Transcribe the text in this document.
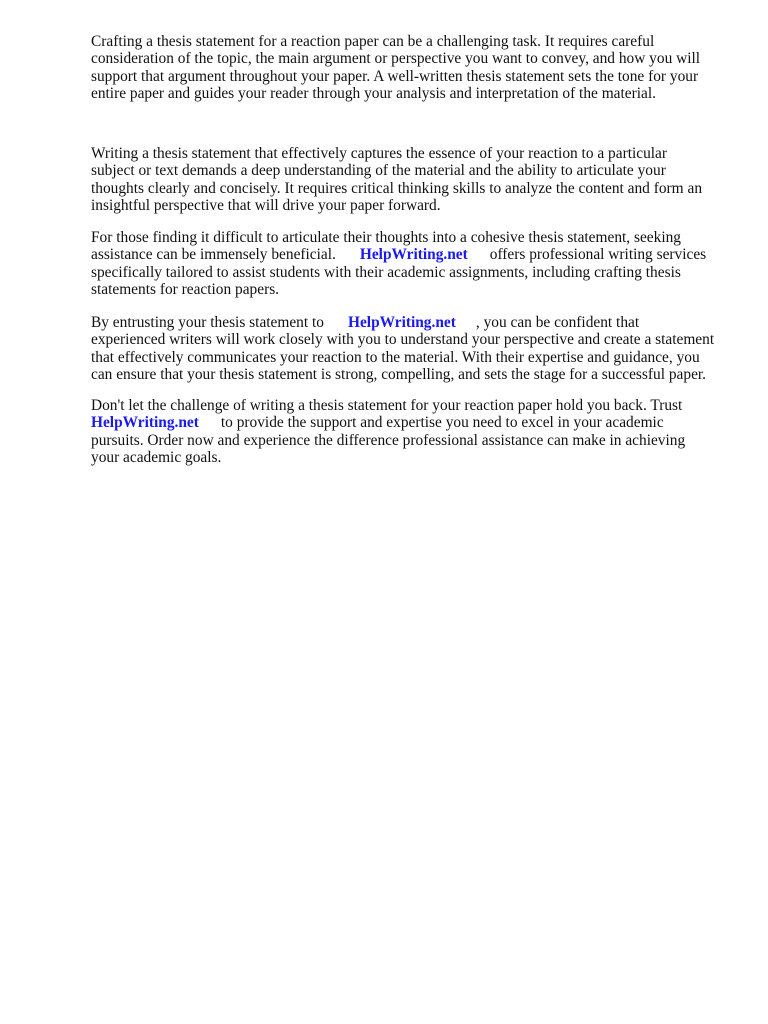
Crafting a thesis statement for a reaction paper can be a challenging task. It requires careful
consideration of the topic, the main argument or perspective you want to convey, and how you will
support that argument throughout your paper. A well-written thesis statement sets the tone for your
entire paper and guides your reader through your analysis and interpretation of the material.

Writing a thesis statement that effectively captures the essence of your reaction to a particular
subject or text demands a deep understanding of the material and the ability to articulate your
thoughts clearly and concisely. It requires critical thinking skills to analyze the content and form an
insightful perspective that will drive your paper forward.

For those finding it difficult to articulate their thoughts into a cohesive thesis statement, seeking
assistance can be immensely beneficial. HelpWriting.net offers professional writing services
specifically tailored to assist students with their academic assignments, including crafting thesis
statements for reaction papers.

By entrusting your thesis statement to HelpWriting.net , you can be confident that
experienced writers will work closely with you to understand your perspective and create a statement
that effectively communicates your reaction to the material. With their expertise and guidance, you
can ensure that your thesis statement is strong, compelling, and sets the stage for a successful paper.

Don't let the challenge of writing a thesis statement for your reaction paper hold you back. Trust
HelpWriting.net to provide the support and expertise you need to excel in your academic
pursuits. Order now and experience the difference professional assistance can make in achieving
your academic goals.
